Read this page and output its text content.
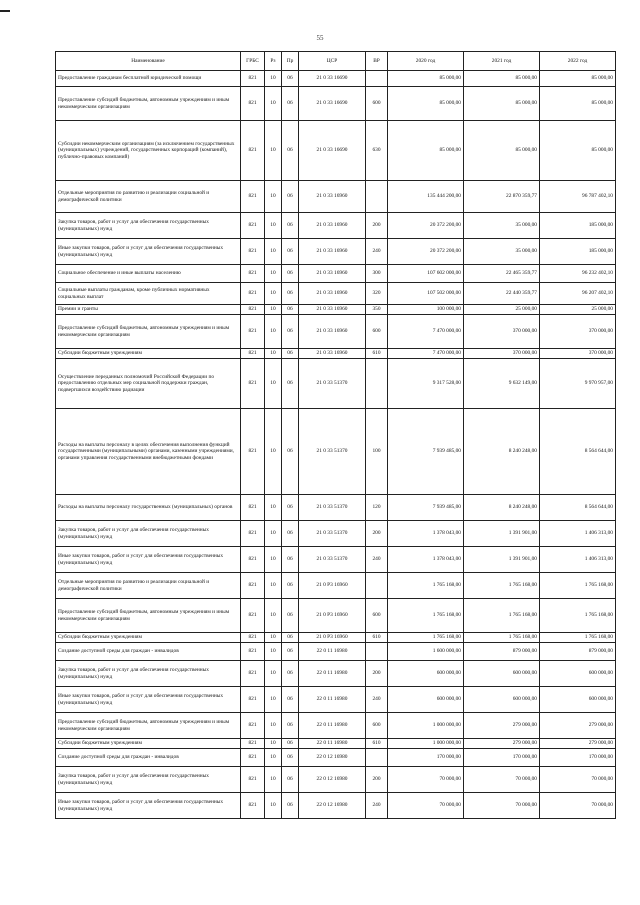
55
Наименование	ГРБС	Рз	Пр	ЦСР	ВР	2020 год	2021 год	2022 год
Предоставление гражданам бесплатной юридической помощи	821	10	06	21 0 33 16690		85 000,00	85 000,00	85 000,00
Предоставление субсидий бюджетным, автономным учреждениям и иным некоммерческим организациям	821	10	06	21 0 33 16690	600	85 000,00	85 000,00	85 000,00
Субсидии некоммерческим организациям (за исключением государственных (муниципальных) учреждений, государственных корпораций (компаний), публично-правовых компаний)	821	10	06	21 0 33 16690	630	85 000,00	85 000,00	85 000,00
Отдельные мероприятия по развитию и реализации социальной и демографической политики	821	10	06	21 0 33 16960		135 444 200,00	22 870 359,77	96 787 402,10
Закупка товаров, работ и услуг для обеспечения государственных (муниципальных) нужд	821	10	06	21 0 33 16960	200	20 372 200,00	35 000,00	185 000,00
Иные закупки товаров, работ и услуг для обеспечения государственных (муниципальных) нужд	821	10	06	21 0 33 16960	240	20 372 200,00	35 000,00	185 000,00
Социальное обеспечение и иные выплаты населению	821	10	06	21 0 33 16960	300	107 602 000,00	22 465 359,77	96 232 402,10
Социальные выплаты гражданам, кроме публичных нормативных социальных выплат	821	10	06	21 0 33 16960	320	107 502 000,00	22 440 359,77	96 207 402,10
Премии и гранты	821	10	06	21 0 33 16960	350	100 000,00	25 000,00	25 000,00
Предоставление субсидий бюджетным, автономным учреждениям и иным некоммерческим организациям	821	10	06	21 0 33 16960	600	7 470 000,00	370 000,00	370 000,00
Субсидии бюджетным учреждениям	821	10	06	21 0 33 16960	610	7 470 000,00	370 000,00	370 000,00
Осуществление переданных полномочий Российской Федерации по предоставлению отдельных мер социальной поддержки граждан, подвергшихся воздействию радиации	821	10	06	21 0 33 51370		9 317 528,00	9 632 149,00	9 970 957,00
Расходы на выплаты персоналу в целях обеспечения выполнения функций государственными (муниципальными) органами, казенными учреждениями, органами управления государственными внебюджетными фондами	821	10	06	21 0 33 51370	100	7 939 485,00	8 240 248,00	8 564 644,00
Расходы на выплаты персоналу государственных (муниципальных) органов	821	10	06	21 0 33 51370	120	7 939 485,00	8 240 248,00	8 564 644,00
Закупка товаров, работ и услуг для обеспечения государственных (муниципальных) нужд	821	10	06	21 0 33 51370	200	1 378 043,00	1 391 901,00	1 406 313,00
Иные закупки товаров, работ и услуг для обеспечения государственных (муниципальных) нужд	821	10	06	21 0 33 51370	240	1 378 043,00	1 391 901,00	1 406 313,00
Отдельные мероприятия по развитию и реализации социальной и демографической политики	821	10	06	21 0 P3 16960		1 765 168,00	1 765 168,00	1 765 168,00
Предоставление субсидий бюджетным, автономным учреждениям и иным некоммерческим организациям	821	10	06	21 0 P3 16960	600	1 765 168,00	1 765 168,00	1 765 168,00
Субсидии бюджетным учреждениям	821	10	06	21 0 P3 16960	610	1 765 168,00	1 765 168,00	1 765 168,00
Создание доступной среды для граждан - инвалидов	821	10	06	22 0 11 16980		1 600 000,00	879 000,00	879 000,00
Закупка товаров, работ и услуг для обеспечения государственных (муниципальных) нужд	821	10	06	22 0 11 16980	200	600 000,00	600 000,00	600 000,00
Иные закупки товаров, работ и услуг для обеспечения государственных (муниципальных) нужд	821	10	06	22 0 11 16980	240	600 000,00	600 000,00	600 000,00
Предоставление субсидий бюджетным, автономным учреждениям и иным некоммерческим организациям	821	10	06	22 0 11 16980	600	1 000 000,00	279 000,00	279 000,00
Субсидии бюджетным учреждениям	821	10	06	22 0 11 16980	610	1 000 000,00	279 000,00	279 000,00
Создание доступной среды для граждан - инвалидов	821	10	06	22 0 12 16980		170 000,00	170 000,00	170 000,00
Закупка товаров, работ и услуг для обеспечения государственных (муниципальных) нужд	821	10	06	22 0 12 16980	200	70 000,00	70 000,00	70 000,00
Иные закупки товаров, работ и услуг для обеспечения государственных (муниципальных) нужд	821	10	06	22 0 12 16980	240	70 000,00	70 000,00	70 000,00
